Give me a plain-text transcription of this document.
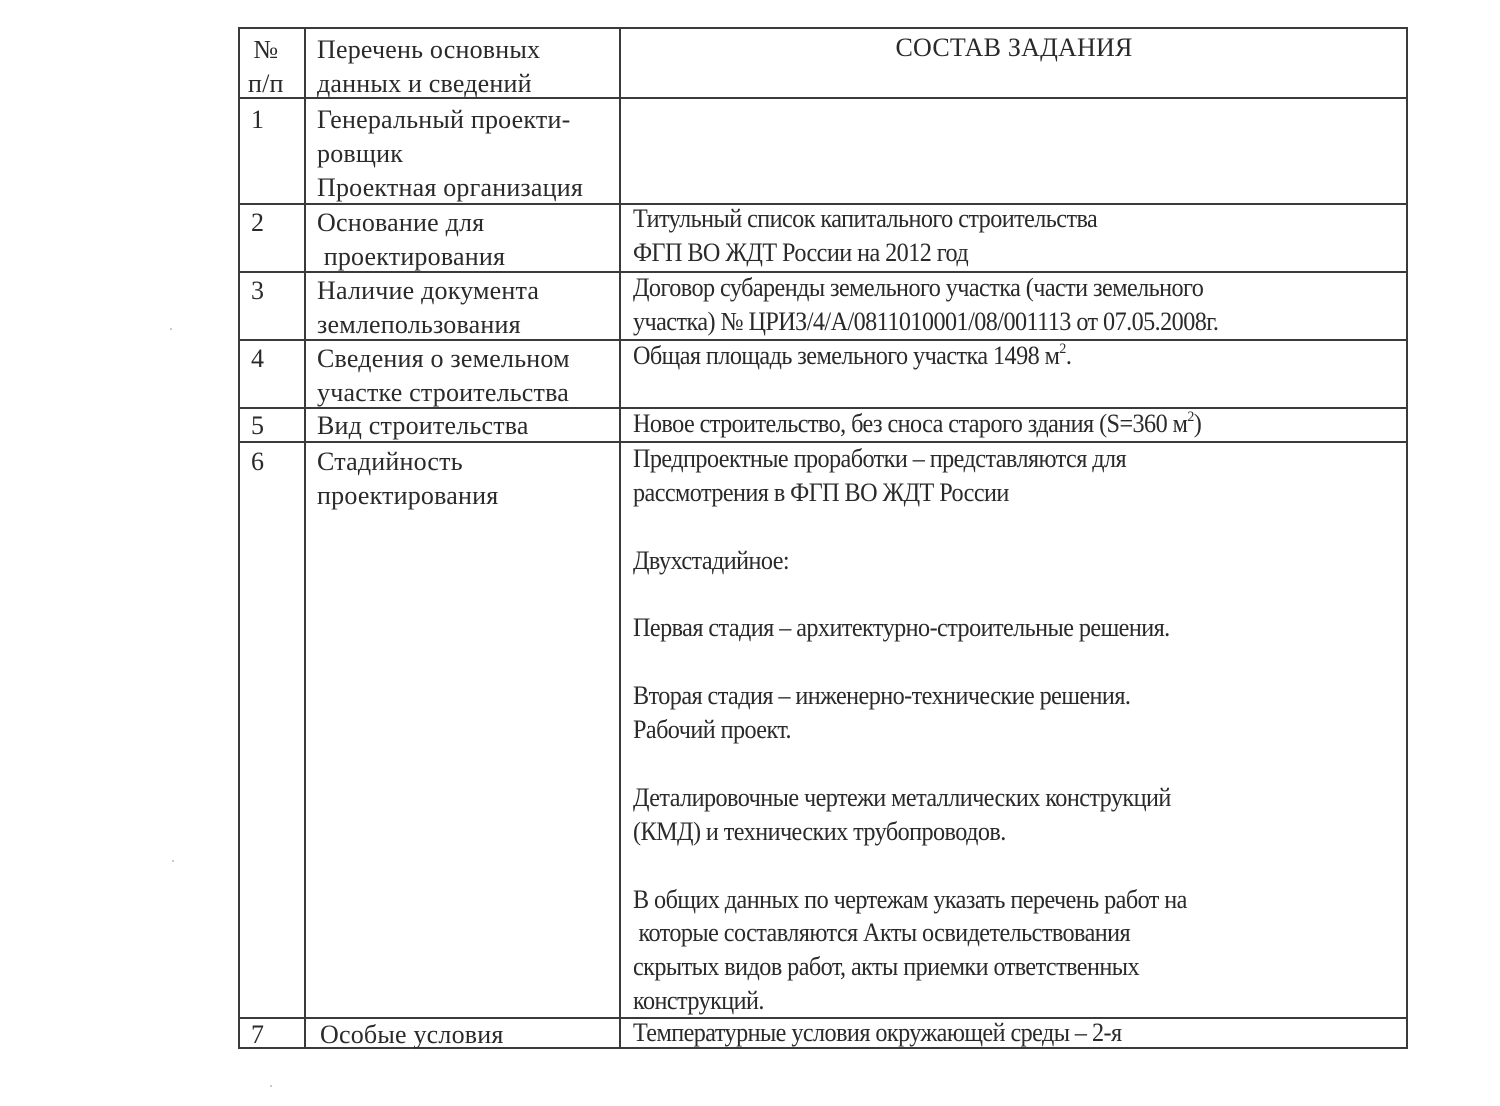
№
п/п
Перечень основных
данных и сведений
СОСТАВ ЗАДАНИЯ
1 Генеральный проекти-
ровщик
Проектная организация
2 Основание для
проектирования
Титульный список капитального строительства
ФГП ВО ЖДТ России на 2012 год
3 Наличие документа
землепользования
Договор субаренды земельного участка (части земельного
участка) № ЦРИЗ/4/А/0811010001/08/001113 от 07.05.2008г.
4 Сведения о земельном
участке строительства
Общая площадь земельного участка 1498 $м^2$.
5 Вид строительства	Новое строительство, без сноса старого здания (S=360 $м^2$)
6 Стадийность
проектирования
Предпроектные проработки – представляются для
рассмотрения в ФГП ВО ЖДТ России

Двухстадийное:

Первая стадия – архитектурно-строительные решения.

Вторая стадия – инженерно-технические решения.
Рабочий проект.

Деталировочные чертежи металлических конструкций
(КМД) и технических трубопроводов.

В общих данных по чертежам указать перечень работ на
которые составляются Акты освидетельствования
скрытых видов работ, акты приемки ответственных
конструкций.
7 Особые условия	Температурные условия окружающей среды – 2-я
